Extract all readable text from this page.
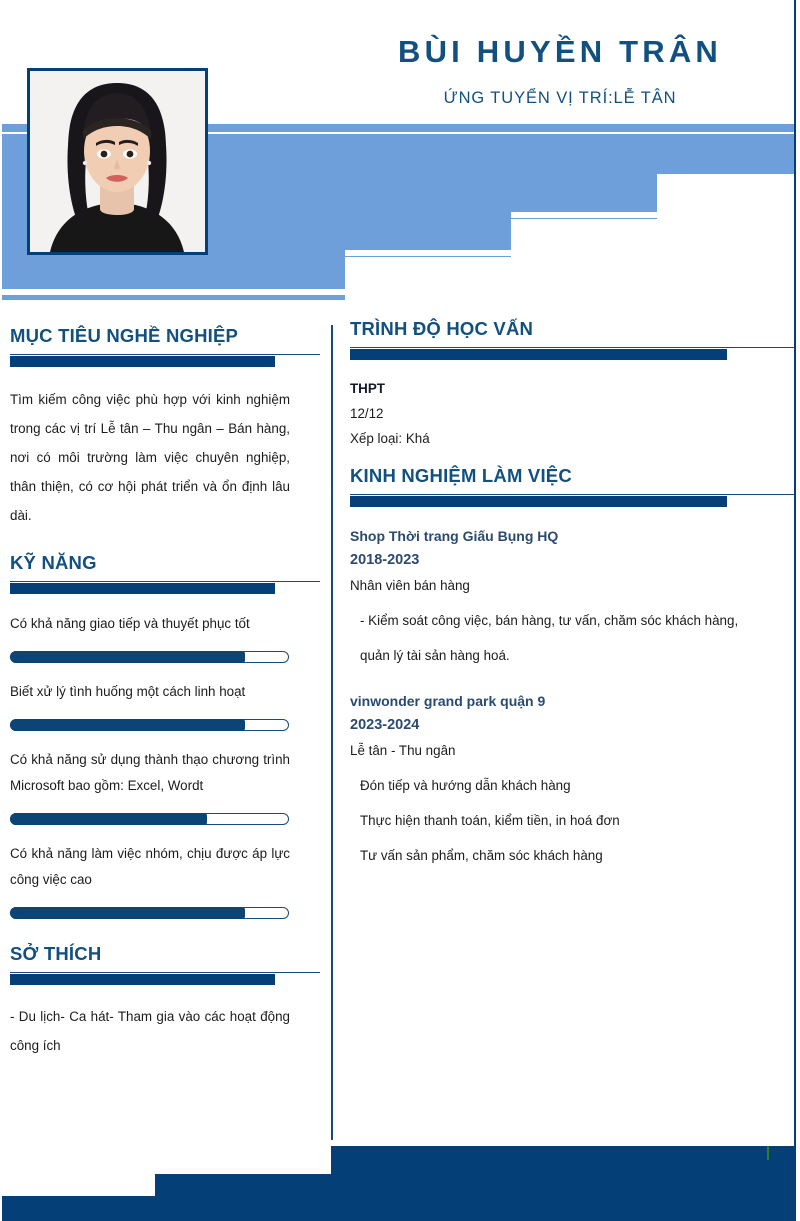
BÙI HUYỀN TRÂN
ỨNG TUYỂN VỊ TRÍ:LỄ TÂN
MỤC TIÊU NGHỀ NGHIỆP

Tìm kiếm công việc phù hợp với kinh nghiệm trong các vị trí Lễ tân – Thu ngân – Bán hàng, nơi có môi trường làm việc chuyên nghiệp, thân thiện, có cơ hội phát triển và ổn định lâu dài.

KỸ NĂNG

Có khả năng giao tiếp và thuyết phục tốt

Biết xử lý tình huống một cách linh hoạt

Có khả năng sử dụng thành thạo chương trình Microsoft bao gồm: Excel, Wordt

Có khả năng làm việc nhóm, chịu được áp lực công việc cao

SỞ THÍCH

- Du lịch- Ca hát- Tham gia vào các hoạt động công ích

TRÌNH ĐỘ HỌC VẤN

THPT

12/12

Xếp loại: Khá

KINH NGHIỆM LÀM VIỆC

Shop Thời trang Giấu Bụng HQ

2018-2023

Nhân viên bán hàng

- Kiểm soát công việc, bán hàng, tư vấn, chăm sóc khách hàng,
quản lý tài sản hàng hoá.

vinwonder grand park quận 9

2023-2024

Lễ tân - Thu ngân

Đón tiếp và hướng dẫn khách hàng
Thực hiện thanh toán, kiểm tiền, in hoá đơn
Tư vấn sản phẩm, chăm sóc khách hàng
